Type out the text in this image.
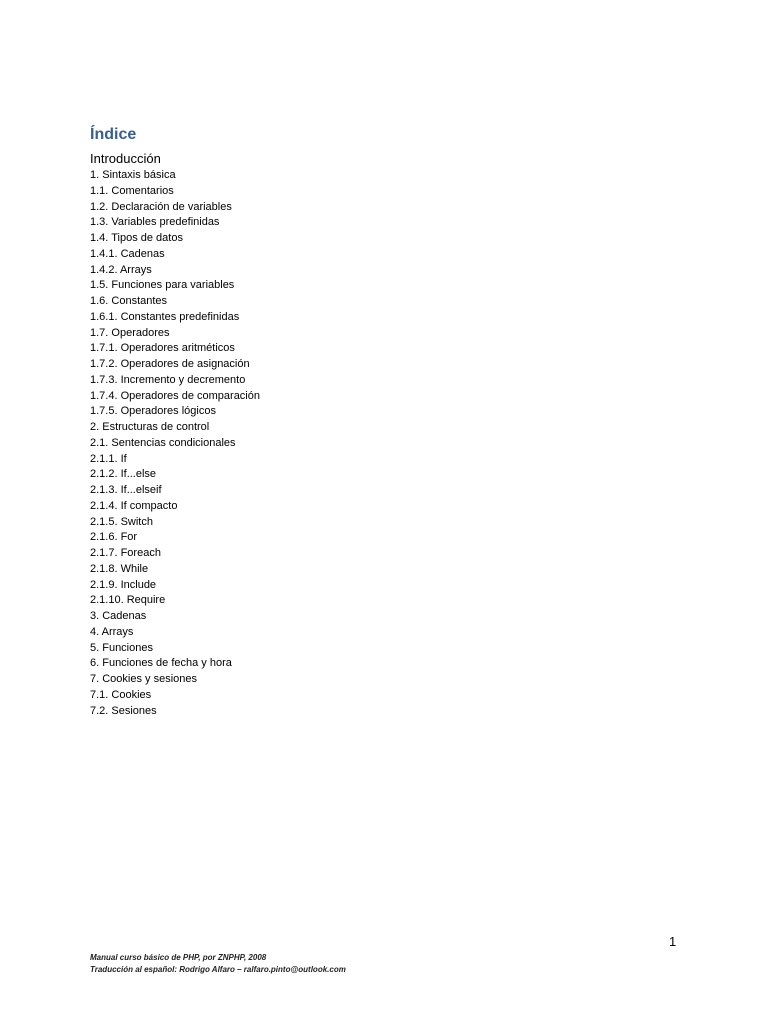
Índice
Introducción
1. Sintaxis básica
1.1. Comentarios
1.2. Declaración de variables
1.3. Variables predefinidas
1.4. Tipos de datos
1.4.1. Cadenas
1.4.2. Arrays
1.5. Funciones para variables
1.6. Constantes
1.6.1. Constantes predefinidas
1.7. Operadores
1.7.1. Operadores aritméticos
1.7.2. Operadores de asignación
1.7.3. Incremento y decremento
1.7.4. Operadores de comparación
1.7.5. Operadores lógicos
2. Estructuras de control
2.1. Sentencias condicionales
2.1.1. If
2.1.2. If...else
2.1.3. If...elseif
2.1.4. If compacto
2.1.5. Switch
2.1.6. For
2.1.7. Foreach
2.1.8. While
2.1.9. Include
2.1.10. Require
3. Cadenas
4. Arrays
5. Funciones
6. Funciones de fecha y hora
7. Cookies y sesiones
7.1. Cookies
7.2. Sesiones
1
Manual curso básico de PHP, por ZNPHP, 2008
Traducción al español: Rodrigo Alfaro – ralfaro.pinto@outlook.com
